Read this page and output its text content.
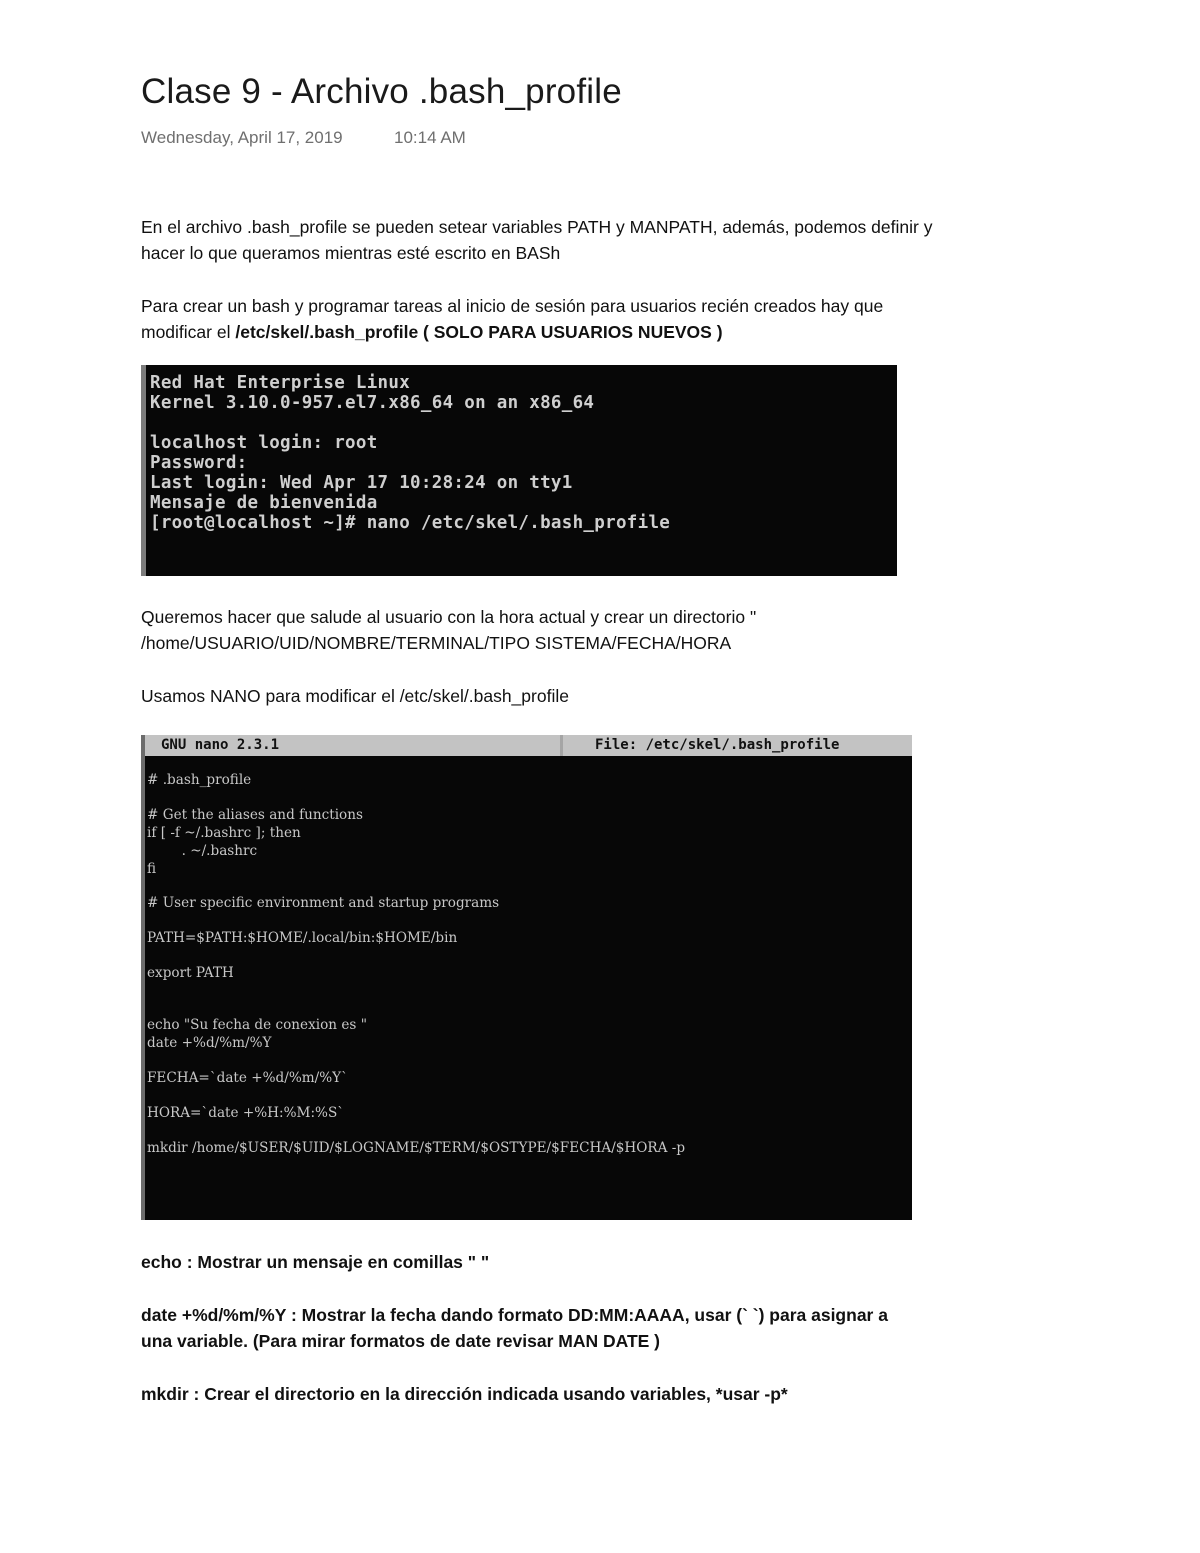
Clase 9 - Archivo .bash_profile
Wednesday, April 17, 2019	10:14 AM
En el archivo .bash_profile se pueden setear variables PATH y MANPATH, además, podemos definir y
hacer lo que queramos mientras esté escrito en BASh
Para crear un bash y programar tareas al inicio de sesión para usuarios recién creados hay que
modificar el /etc/skel/.bash_profile ( SOLO PARA USUARIOS NUEVOS )
Red Hat Enterprise Linux
Kernel 3.10.0-957.el7.x86_64 on an x86_64
localhost login: root
Password:
Last login: Wed Apr 17 10:28:24 on tty1
Mensaje de bienvenida
[root@localhost ~]# nano /etc/skel/.bash_profile
Queremos hacer que salude al usuario con la hora actual y crear un directorio "
/home/USUARIO/UID/NOMBRE/TERMINAL/TIPO SISTEMA/FECHA/HORA
Usamos NANO para modificar el /etc/skel/.bash_profile
GNU nano 2.3.1	File: /etc/skel/.bash_profile
# .bash_profile
# Get the aliases and functions
if [ -f ~/.bashrc ]; then
. ~/.bashrc
fi
# User specific environment and startup programs
PATH=$PATH:$HOME/.local/bin:$HOME/bin
export PATH
echo "Su fecha de conexion es "
date +%d/%m/%Y
FECHA=`date +%d/%m/%Y`
HORA=`date +%H:%M:%S`
mkdir /home/$USER/$UID/$LOGNAME/$TERM/$OSTYPE/$FECHA/$HORA -p
echo : Mostrar un mensaje en comillas " "
date +%d/%m/%Y : Mostrar la fecha dando formato DD:MM:AAAA, usar (` `) para asignar a
una variable. (Para mirar formatos de date revisar MAN DATE )
mkdir : Crear el directorio en la dirección indicada usando variables, *usar -p*
